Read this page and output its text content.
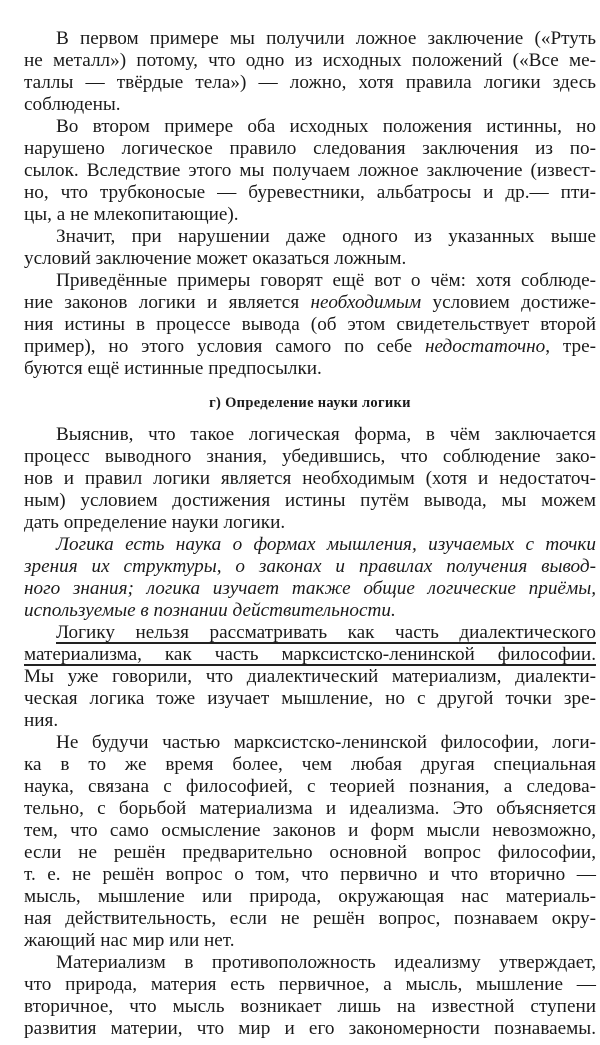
В первом примере мы получили ложное заключение («Ртуть
не металл») потому, что одно из исходных положений («Все ме-
таллы — твёрдые тела») — ложно, хотя правила логики здесь
соблюдены.
Во втором примере оба исходных положения истинны, но
нарушено логическое правило следования заключения из по-
сылок. Вследствие этого мы получаем ложное заключение (извест-
но, что трубконосые — буревестники, альбатросы и др.— пти-
цы, а не млекопитающие).
Значит, при нарушении даже одного из указанных выше
условий заключение может оказаться ложным.
Приведённые примеры говорят ещё вот о чём: хотя соблюде-
ние законов логики и является необходимым условием достиже-
ния истины в процессе вывода (об этом свидетельствует второй
пример), но этого условия самого по себе недостаточно, тре-
буются ещё истинные предпосылки.
г) Определение науки логики
Выяснив, что такое логическая форма, в чём заключается
процесс выводного знания, убедившись, что соблюдение зако-
нов и правил логики является необходимым (хотя и недостаточ-
ным) условием достижения истины путём вывода, мы можем
дать определение науки логики.
Логика есть наука о формах мышления, изучаемых с точки
зрения их структуры, о законах и правилах получения вывод-
ного знания; логика изучает также общие логические приёмы,
используемые в познании действительности.
Логику нельзя рассматривать как часть диалектического
материализма, как часть марксистско-ленинской философии.
Мы уже говорили, что диалектический материализм, диалекти-
ческая логика тоже изучает мышление, но с другой точки зре-
ния.
Не будучи частью марксистско-ленинской философии, логи-
ка в то же время более, чем любая другая специальная
наука, связана с философией, с теорией познания, а следова-
тельно, с борьбой материализма и идеализма. Это объясняется
тем, что само осмысление законов и форм мысли невозможно,
если не решён предварительно основной вопрос философии,
т. е. не решён вопрос о том, что первично и что вторично —
мысль, мышление или природа, окружающая нас материаль-
ная действительность, если не решён вопрос, познаваем окру-
жающий нас мир или нет.
Материализм в противоположность идеализму утверждает,
что природа, материя есть первичное, а мысль, мышление —
вторичное, что мысль возникает лишь на известной ступени
развития материи, что мир и его закономерности познаваемы.
